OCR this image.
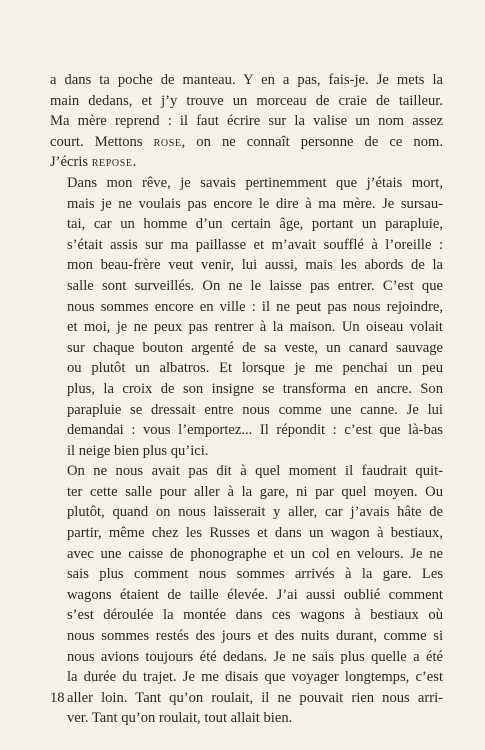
a dans ta poche de manteau. Y en a pas, fais-je. Je mets la
main dedans, et j’y trouve un morceau de craie de tailleur.
Ma mère reprend : il faut écrire sur la valise un nom assez
court. Mettons rose, on ne connaît personne de ce nom.
J’écris repose.

Dans mon rêve, je savais pertinemment que j’étais mort,
mais je ne voulais pas encore le dire à ma mère. Je sursau-
tai, car un homme d’un certain âge, portant un parapluie,
s’était assis sur ma paillasse et m’avait soufflé à l’oreille :
mon beau-frère veut venir, lui aussi, mais les abords de la
salle sont surveillés. On ne le laisse pas entrer. C’est que
nous sommes encore en ville : il ne peut pas nous rejoindre,
et moi, je ne peux pas rentrer à la maison. Un oiseau volait
sur chaque bouton argenté de sa veste, un canard sauvage
ou plutôt un albatros. Et lorsque je me penchai un peu
plus, la croix de son insigne se transforma en ancre. Son
parapluie se dressait entre nous comme une canne. Je lui
demandai : vous l’emportez... Il répondit : c’est que là-bas
il neige bien plus qu’ici.

On ne nous avait pas dit à quel moment il faudrait quit-
ter cette salle pour aller à la gare, ni par quel moyen. Ou
plutôt, quand on nous laisserait y aller, car j’avais hâte de
partir, même chez les Russes et dans un wagon à bestiaux,
avec une caisse de phonographe et un col en velours. Je ne
sais plus comment nous sommes arrivés à la gare. Les
wagons étaient de taille élevée. J’ai aussi oublié comment
s’est déroulée la montée dans ces wagons à bestiaux où
nous sommes restés des jours et des nuits durant, comme si
nous avions toujours été dedans. Je ne sais plus quelle a été
la durée du trajet. Je me disais que voyager longtemps, c’est
aller loin. Tant qu’on roulait, il ne pouvait rien nous arri-
ver. Tant qu’on roulait, tout allait bien.

18
